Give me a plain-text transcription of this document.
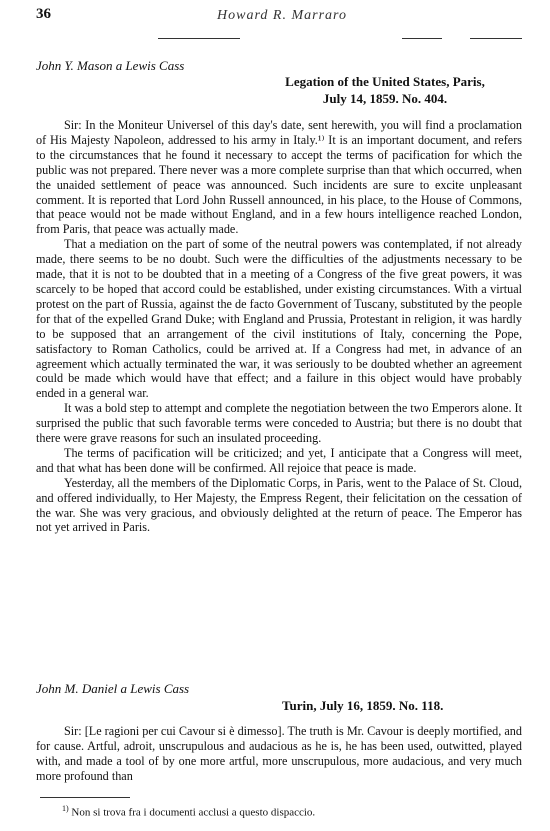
36	Howard R. Marraro
John Y. Mason a Lewis Cass
Legation of the United States, Paris,
July 14, 1859. No. 404.

Sir: In the Moniteur Universel of this day's date, sent herewith, you will find a proclamation of His Majesty Napoleon, addressed to his army in Italy.¹⁾ It is an important document, and refers to the circumstances that he found it necessary to accept the terms of pacification for which the public was not prepared. There never was a more complete surprise than that which occurred, when the unaided settlement of peace was announced. Such incidents are sure to excite unpleasant comment. It is reported that Lord John Russell announced, in his place, to the House of Commons, that peace would not be made without England, and in a few hours intelligence reached London, from Paris, that peace was actually made.

That a mediation on the part of some of the neutral powers was contemplated, if not already made, there seems to be no doubt. Such were the difficulties of the adjustments necessary to be made, that it is not to be doubted that in a meeting of a Congress of the five great powers, it was scarcely to be hoped that accord could be established, under existing circumstances. With a virtual protest on the part of Russia, against the de facto Government of Tuscany, substituted by the people for that of the expelled Grand Duke; with England and Prussia, Protestant in religion, it was hardly to be supposed that an arrangement of the civil institutions of Italy, concerning the Pope, satisfactory to Roman Catholics, could be arrived at. If a Congress had met, in advance of an agreement which actually terminated the war, it was seriously to be doubted whether an agreement could be made which would have that effect; and a failure in this object would have probably ended in a general war.

It was a bold step to attempt and complete the negotiation between the two Emperors alone. It surprised the public that such favorable terms were conceded to Austria; but there is no doubt that there were grave reasons for such an insulated proceeding.

The terms of pacification will be criticized; and yet, I anticipate that a Congress will meet, and that what has been done will be confirmed. All rejoice that peace is made.

Yesterday, all the members of the Diplomatic Corps, in Paris, went to the Palace of St. Cloud, and offered individually, to Her Majesty, the Empress Regent, their felicitation on the cessation of the war. She was very gracious, and obviously delighted at the return of peace. The Emperor has not yet arrived in Paris.

John M. Daniel a Lewis Cass
Turin, July 16, 1859. No. 118.

Sir: [Le ragioni per cui Cavour si è dimesso]. The truth is Mr. Cavour is deeply mortified, and for cause. Artful, adroit, unscrupulous and audacious as he is, he has been used, outwitted, played with, and made a tool of by one more artful, more unscrupulous, more audacious, and very much more profound than

$^{1)}$ Non si trova fra i documenti acclusi a questo dispaccio.
